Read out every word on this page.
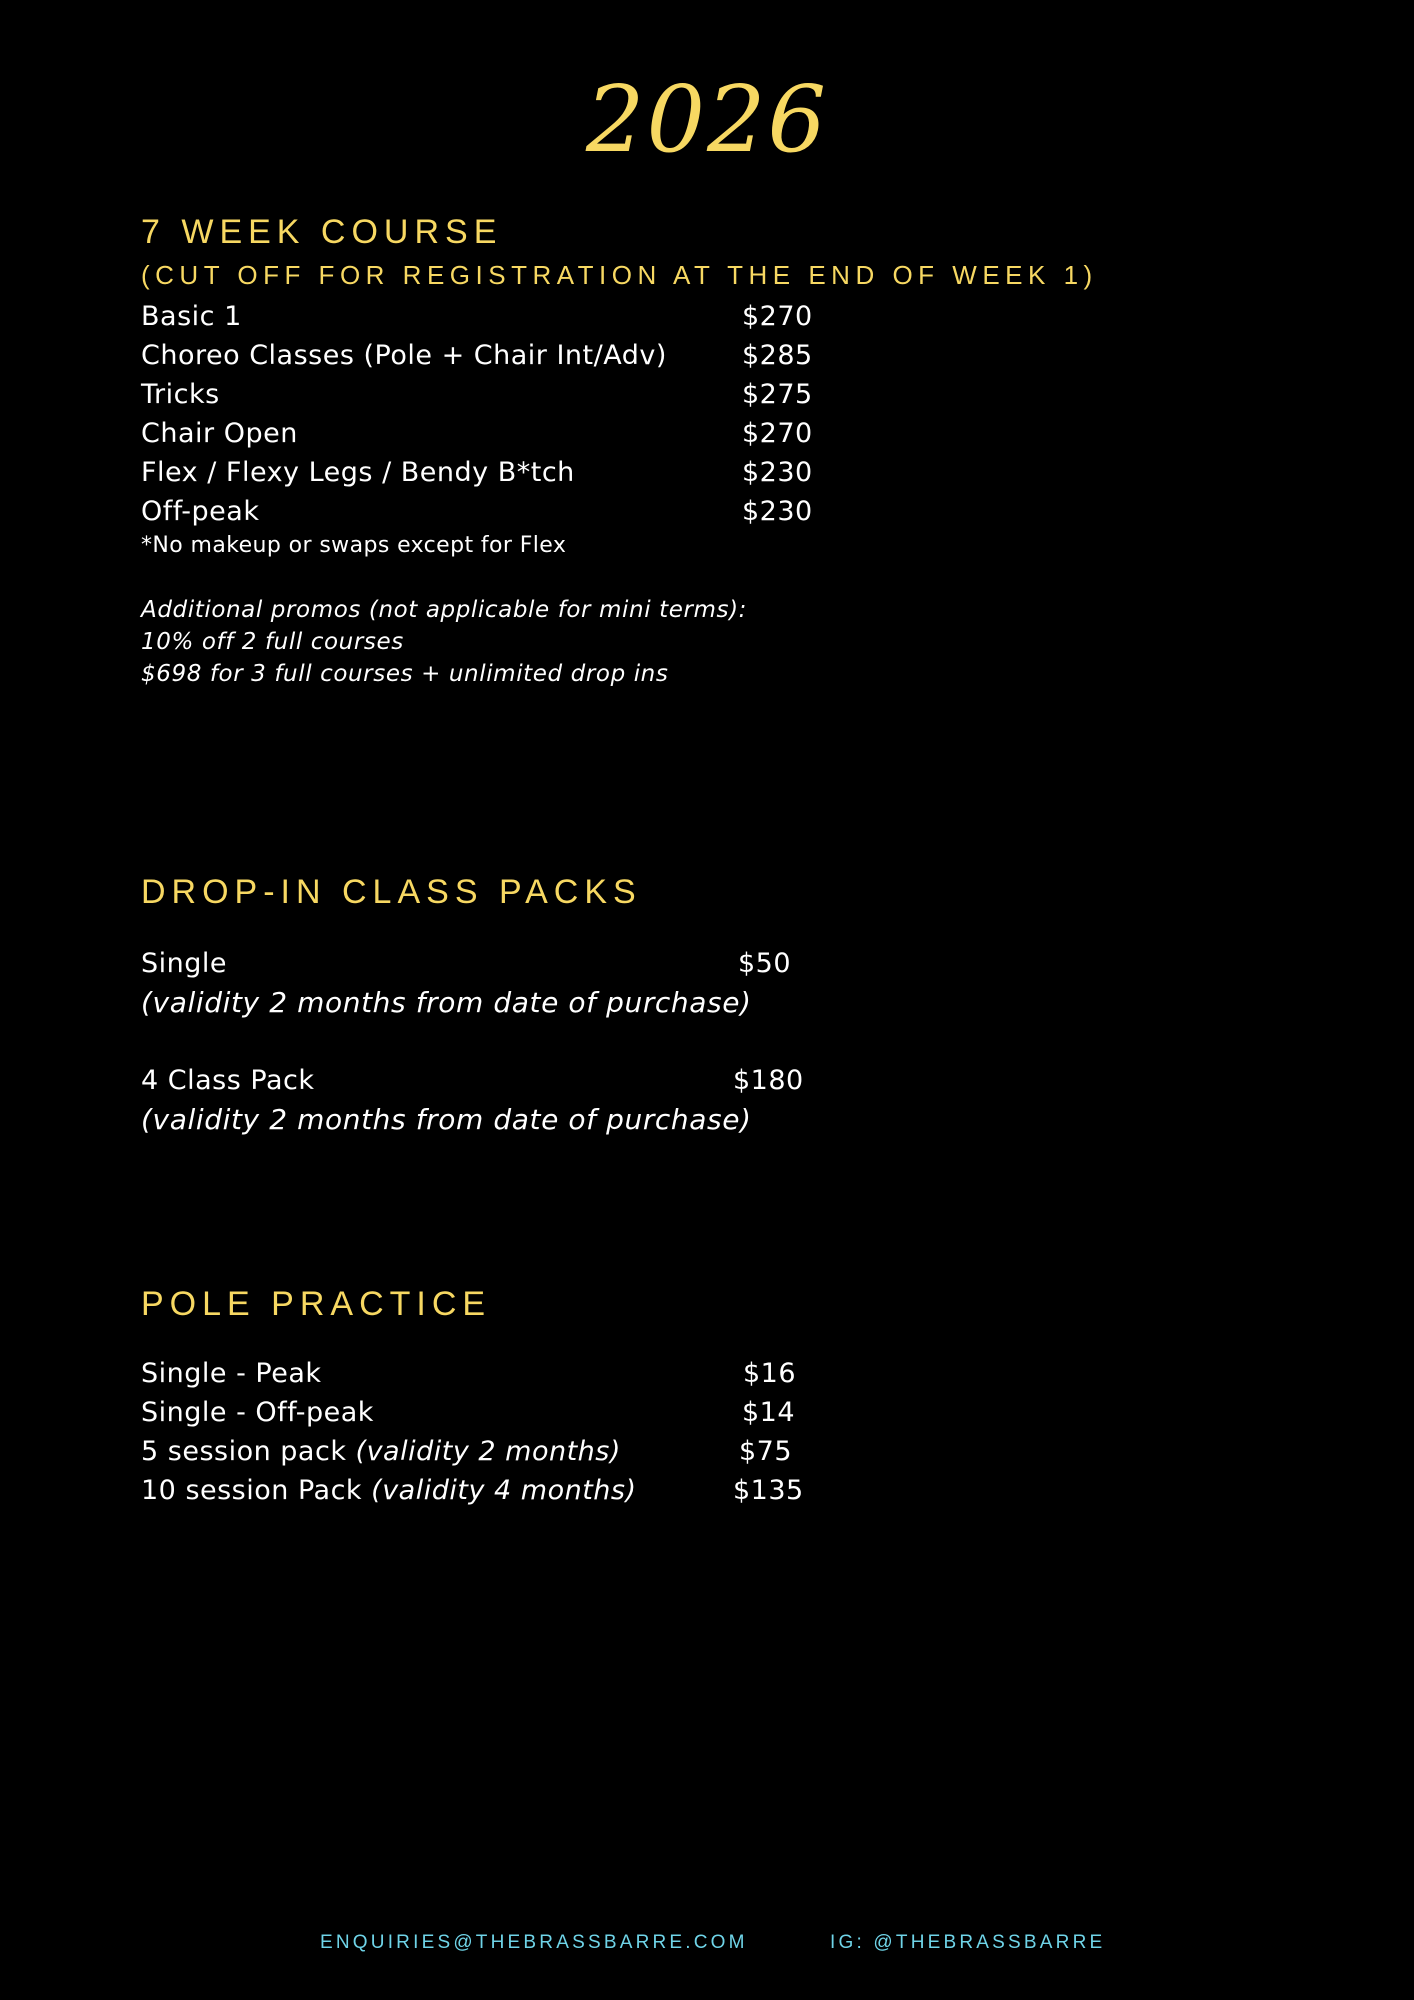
2026
7 WEEK COURSE
(CUT OFF FOR REGISTRATION AT THE END OF WEEK 1)
Basic 1	$270
Choreo Classes (Pole + Chair Int/Adv)	$285
Tricks	$275
Chair Open	$270
Flex / Flexy Legs / Bendy B*tch	$230
Off-peak	$230
*No makeup or swaps except for Flex
Additional promos (not applicable for mini terms):
10% off 2 full courses
$698 for 3 full courses + unlimited drop ins
DROP-IN CLASS PACKS
Single	$50
(validity 2 months from date of purchase)
4 Class Pack	$180
(validity 2 months from date of purchase)
POLE PRACTICE
Single - Peak	$16
Single - Off-peak	$14
5 session pack (validity 2 months)	$75
10 session Pack (validity 4 months)	$135
ENQUIRIES@THEBRASSBARRE.COM	IG: @THEBRASSBARRE
